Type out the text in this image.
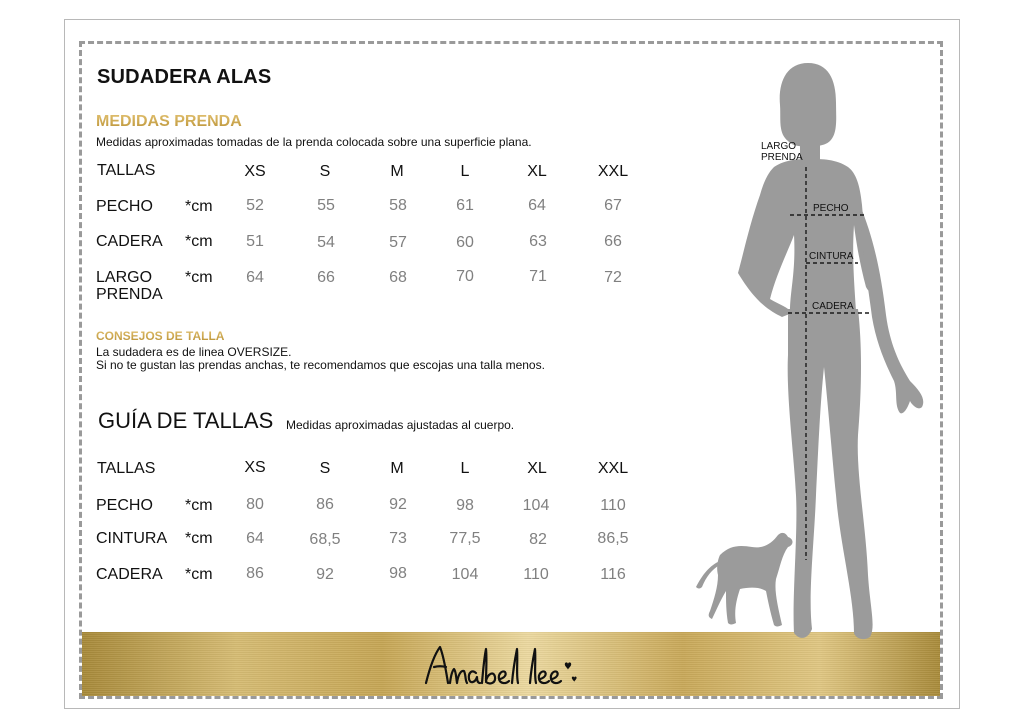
SUDADERA ALAS
MEDIDAS PRENDA
Medidas aproximadas tomadas de la prenda colocada sobre una superficie plana.
TALLAS	XS	S	M	L	XL	XXL
PECHO *cm 52	55	58	61	64	67
CADERA *cm 51	54	57	60	63	66
LARGO
PRENDA
*cm 64	66	68	70	71	72
CONSEJOS DE TALLA
La sudadera es de linea OVERSIZE.
Si no te gustan las prendas anchas, te recomendamos que escojas una talla menos.
GUÍA DE TALLAS Medidas aproximadas ajustadas al cuerpo.
TALLAS	XS	S	M	L	XL	XXL
PECHO *cm 80	86	92	98	104	110
CINTURA *cm 64	68,5	73	77,5	82	86,5
CADERA *cm 86	92	98	104	110	116
LARGO
PRENDA
PECHO
CINTURA
CADERA
